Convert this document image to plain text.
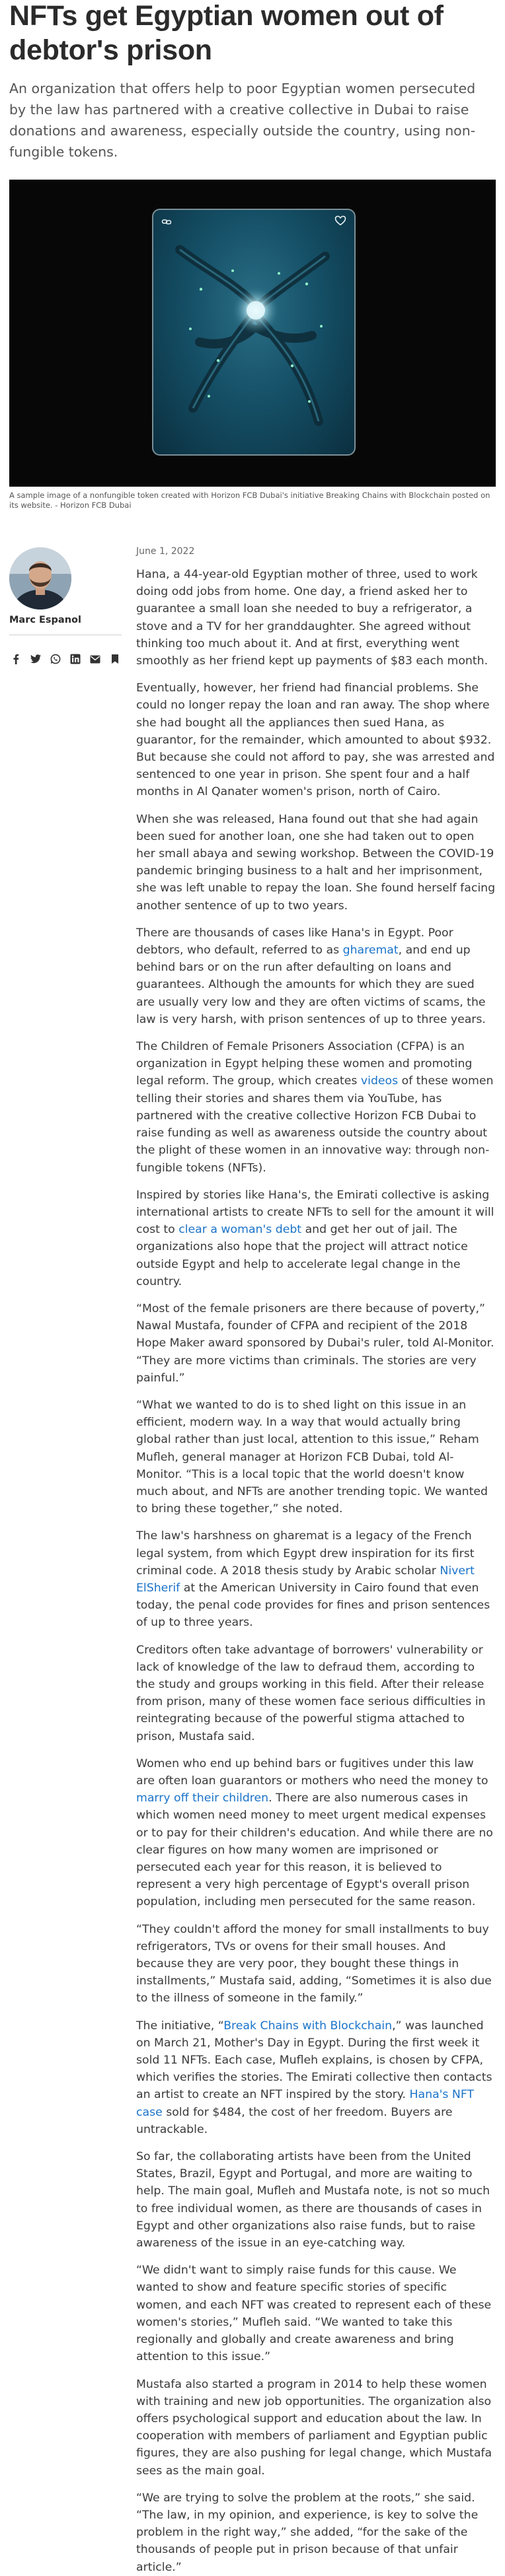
NFTs get Egyptian women out of debtor's prison

An organization that offers help to poor Egyptian women persecuted by the law has partnered with a creative collective in Dubai to raise donations and awareness, especially outside the country, using non-fungible tokens.

A sample image of a nonfungible token created with Horizon FCB Dubai's initiative Breaking Chains with Blockchain posted on its website. - Horizon FCB Dubai

Marc Espanol
June 1, 2022

Hana, a 44-year-old Egyptian mother of three, used to work doing odd jobs from home. One day, a friend asked her to guarantee a small loan she needed to buy a refrigerator, a stove and a TV for her granddaughter. She agreed without thinking too much about it. And at first, everything went smoothly as her friend kept up payments of $83 each month.

Eventually, however, her friend had financial problems. She could no longer repay the loan and ran away. The shop where she had bought all the appliances then sued Hana, as guarantor, for the remainder, which amounted to about $932. But because she could not afford to pay, she was arrested and sentenced to one year in prison. She spent four and a half months in Al Qanater women's prison, north of Cairo.

When she was released, Hana found out that she had again been sued for another loan, one she had taken out to open her small abaya and sewing workshop. Between the COVID-19 pandemic bringing business to a halt and her imprisonment, she was left unable to repay the loan. She found herself facing another sentence of up to two years.

There are thousands of cases like Hana's in Egypt. Poor debtors, who default, referred to as gharemat, and end up behind bars or on the run after defaulting on loans and guarantees. Although the amounts for which they are sued are usually very low and they are often victims of scams, the law is very harsh, with prison sentences of up to three years.

The Children of Female Prisoners Association (CFPA) is an organization in Egypt helping these women and promoting legal reform. The group, which creates videos of these women telling their stories and shares them via YouTube, has partnered with the creative collective Horizon FCB Dubai to raise funding as well as awareness outside the country about the plight of these women in an innovative way: through non-fungible tokens (NFTs).

Inspired by stories like Hana's, the Emirati collective is asking international artists to create NFTs to sell for the amount it will cost to clear a woman's debt and get her out of jail. The organizations also hope that the project will attract notice outside Egypt and help to accelerate legal change in the country.

“Most of the female prisoners are there because of poverty,” Nawal Mustafa, founder of CFPA and recipient of the 2018 Hope Maker award sponsored by Dubai's ruler, told Al-Monitor. “They are more victims than criminals. The stories are very painful.”

“What we wanted to do is to shed light on this issue in an efficient, modern way. In a way that would actually bring global rather than just local, attention to this issue,” Reham Mufleh, general manager at Horizon FCB Dubai, told Al-Monitor. “This is a local topic that the world doesn't know much about, and NFTs are another trending topic. We wanted to bring these together,” she noted.

The law's harshness on gharemat is a legacy of the French legal system, from which Egypt drew inspiration for its first criminal code. A 2018 thesis study by Arabic scholar Nivert ElSherif at the American University in Cairo found that even today, the penal code provides for fines and prison sentences of up to three years.

Creditors often take advantage of borrowers' vulnerability or lack of knowledge of the law to defraud them, according to the study and groups working in this field. After their release from prison, many of these women face serious difficulties in reintegrating because of the powerful stigma attached to prison, Mustafa said.

Women who end up behind bars or fugitives under this law are often loan guarantors or mothers who need the money to marry off their children. There are also numerous cases in which women need money to meet urgent medical expenses or to pay for their children's education. And while there are no clear figures on how many women are imprisoned or persecuted each year for this reason, it is believed to represent a very high percentage of Egypt's overall prison population, including men persecuted for the same reason.

“They couldn't afford the money for small installments to buy refrigerators, TVs or ovens for their small houses. And because they are very poor, they bought these things in installments,” Mustafa said, adding, “Sometimes it is also due to the illness of someone in the family.”

The initiative, “Break Chains with Blockchain,” was launched on March 21, Mother's Day in Egypt. During the first week it sold 11 NFTs. Each case, Mufleh explains, is chosen by CFPA, which verifies the stories. The Emirati collective then contacts an artist to create an NFT inspired by the story. Hana's NFT case sold for $484, the cost of her freedom. Buyers are untrackable.

So far, the collaborating artists have been from the United States, Brazil, Egypt and Portugal, and more are waiting to help. The main goal, Mufleh and Mustafa note, is not so much to free individual women, as there are thousands of cases in Egypt and other organizations also raise funds, but to raise awareness of the issue in an eye-catching way.

“We didn't want to simply raise funds for this cause. We wanted to show and feature specific stories of specific women, and each NFT was created to represent each of these women's stories,” Mufleh said. “We wanted to take this regionally and globally and create awareness and bring attention to this issue.”

Mustafa also started a program in 2014 to help these women with training and new job opportunities. The organization also offers psychological support and education about the law. In cooperation with members of parliament and Egyptian public figures, they are also pushing for legal change, which Mustafa sees as the main goal.

“We are trying to solve the problem at the roots,” she said. “The law, in my opinion, and experience, is key to solve the problem in the right way,” she added, “for the sake of the thousands of people put in prison because of that unfair article.”
